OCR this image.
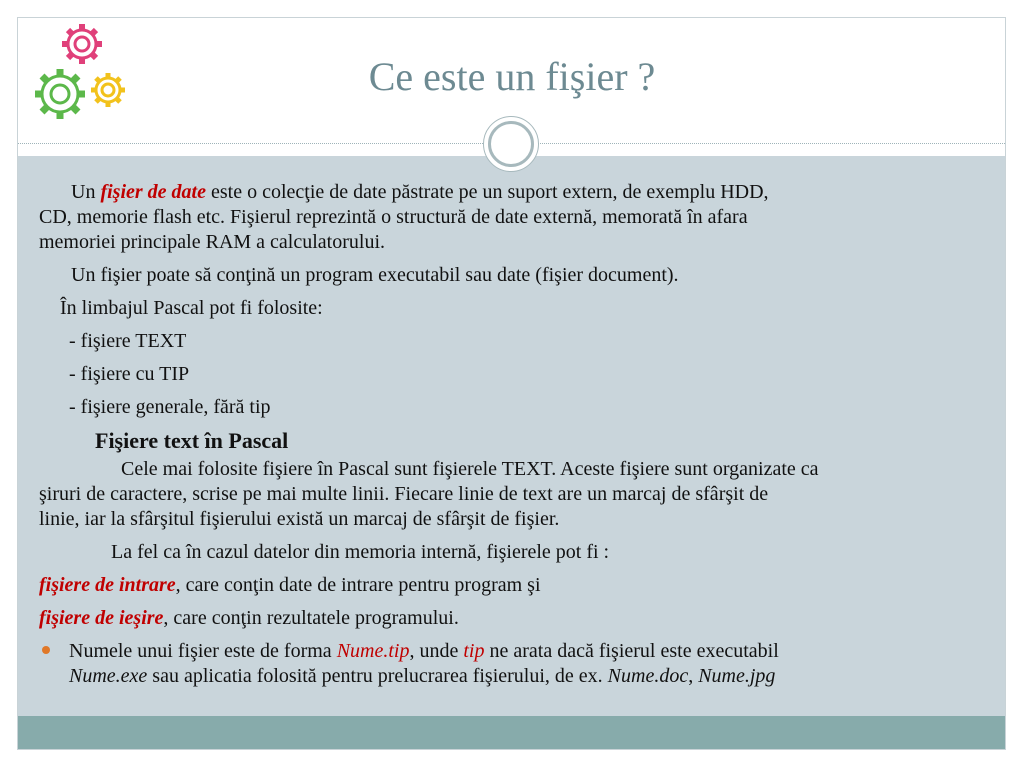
Ce este un fişier ?

Un fişier de date este o colecţie de date păstrate pe un suport extern, de exemplu HDD,
CD, memorie flash etc. Fişierul reprezintă o structură de date externă, memorată în afara
memoriei principale RAM a calculatorului.

Un fişier poate să conţină un program executabil sau date (fişier document).

În limbajul Pascal pot fi folosite:

- fişiere TEXT

- fişiere cu TIP

- fişiere generale, fără tip

Fişiere text în Pascal

Cele mai folosite fişiere în Pascal sunt fişierele TEXT. Aceste fişiere sunt organizate ca
şiruri de caractere, scrise pe mai multe linii. Fiecare linie de text are un marcaj de sfârşit de
linie, iar la sfârşitul fişierului există un marcaj de sfârşit de fişier.

La fel ca în cazul datelor din memoria internă, fişierele pot fi :

fişiere de intrare, care conţin date de intrare pentru program şi

fişiere de ieşire, care conţin rezultatele programului.

Numele unui fişier este de forma Nume.tip, unde tip ne arata dacă fişierul este executabil
Nume.exe sau aplicatia folosită pentru prelucrarea fişierului, de ex. Nume.doc, Nume.jpg
